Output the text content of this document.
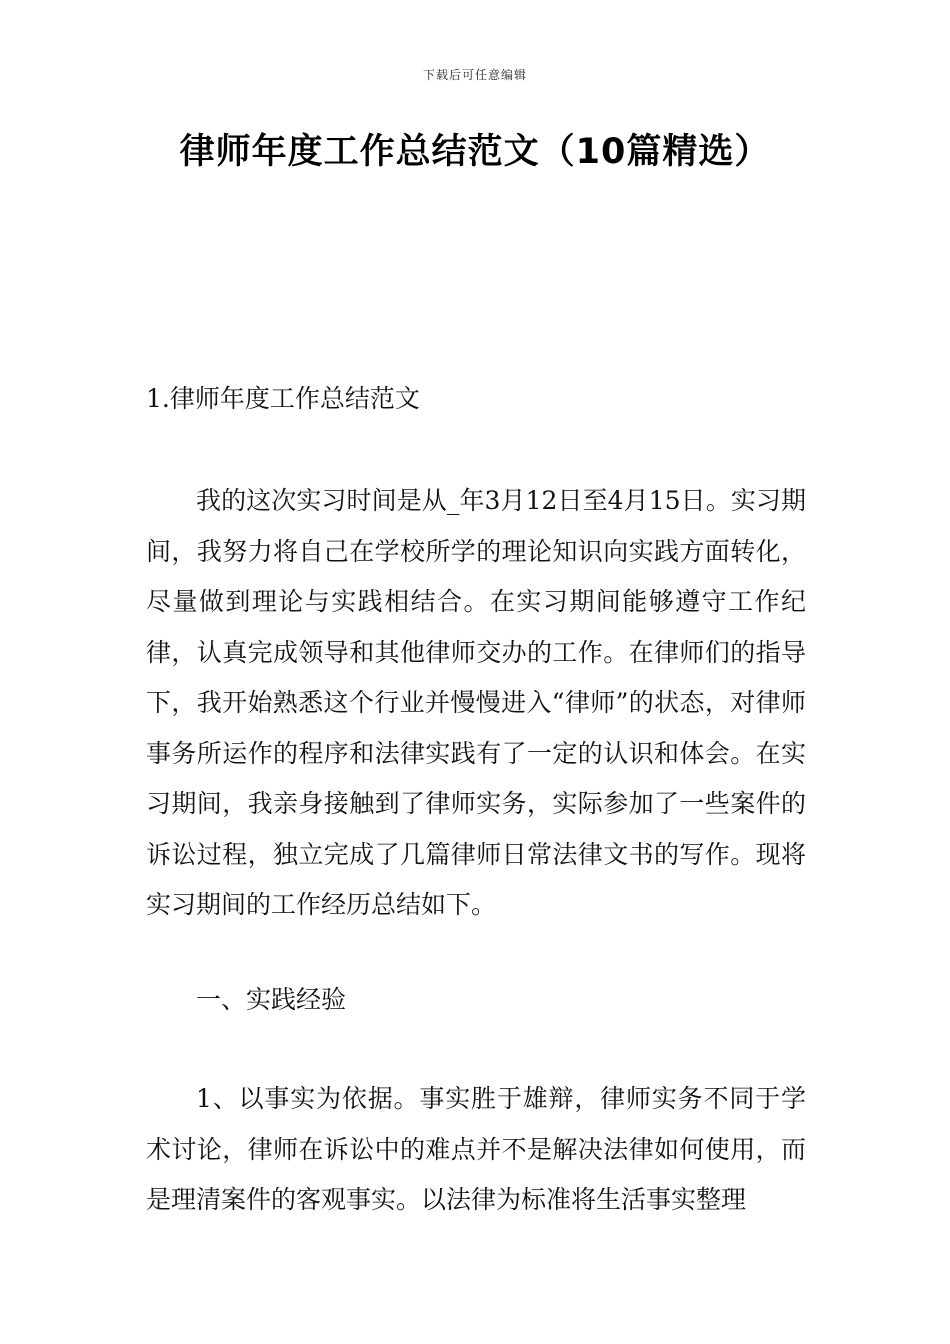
下载后可任意编辑
律师年度工作总结范文（10篇精选）
1.律师年度工作总结范文
我的这次实习时间是从_年3月12日至4月15日。实习期间，我努力将自己在学校所学的理论知识向实践方面转化，尽量做到理论与实践相结合。在实习期间能够遵守工作纪律，认真完成领导和其他律师交办的工作。在律师们的指导下，我开始熟悉这个行业并慢慢进入“律师”的状态，对律师事务所运作的程序和法律实践有了一定的认识和体会。在实习期间，我亲身接触到了律师实务，实际参加了一些案件的诉讼过程，独立完成了几篇律师日常法律文书的写作。现将实习期间的工作经历总结如下。
一、实践经验
1、以事实为依据。事实胜于雄辩，律师实务不同于学术讨论，律师在诉讼中的难点并不是解决法律如何使用，而是理清案件的客观事实。以法律为标准将生活事实整理
